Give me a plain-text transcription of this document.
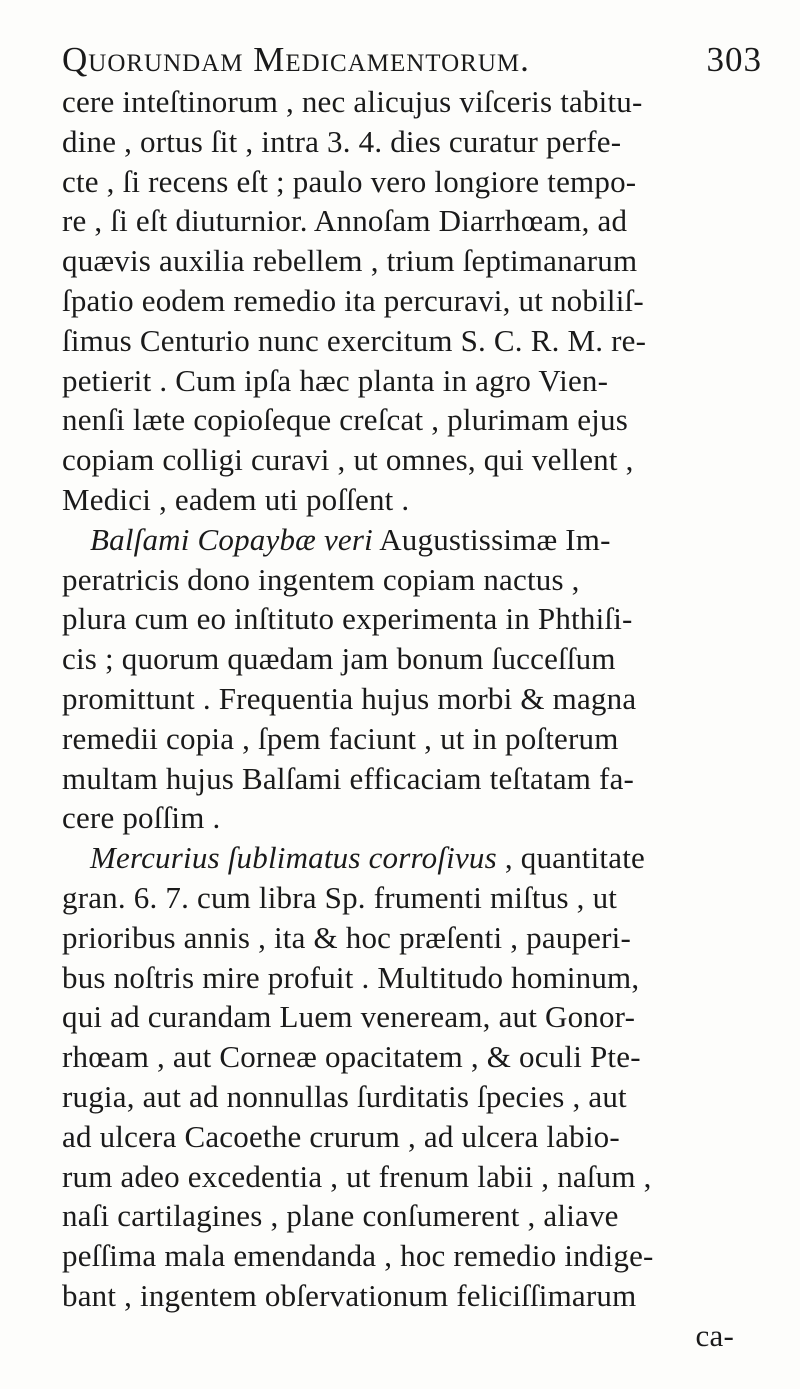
Quorundam Medicamentorum.	303
cere inteſtinorum , nec alicujus viſceris tabitu-
dine , ortus ſit , intra 3. 4. dies curatur perfe-
cte , ſi recens eſt ; paulo vero longiore tempo-
re , ſi eſt diuturnior. Annoſam Diarrhœam, ad
quævis auxilia rebellem , trium ſeptimanarum
ſpatio eodem remedio ita percuravi, ut nobiliſ-
ſimus Centurio nunc exercitum S. C. R. M. re-
petierit . Cum ipſa hæc planta in agro Vien-
nenſi læte copioſeque creſcat , plurimam ejus
copiam colligi curavi , ut omnes, qui vellent ,
Medici , eadem uti poſſent .
Balſami Copaybæ veri Augustissimæ Im-
peratricis dono ingentem copiam nactus ,
plura cum eo inſtituto experimenta in Phthiſi-
cis ; quorum quædam jam bonum ſucceſſum
promittunt . Frequentia hujus morbi & magna
remedii copia , ſpem faciunt , ut in poſterum
multam hujus Balſami efficaciam teſtatam fa-
cere poſſim .
Mercurius ſublimatus corroſivus , quantitate
gran. 6. 7. cum libra Sp. frumenti miſtus , ut
prioribus annis , ita & hoc præſenti , pauperi-
bus noſtris mire profuit . Multitudo hominum,
qui ad curandam Luem veneream, aut Gonor-
rhœam , aut Corneæ opacitatem , & oculi Pte-
rugia, aut ad nonnullas ſurditatis ſpecies , aut
ad ulcera Cacoethe crurum , ad ulcera labio-
rum adeo excedentia , ut frenum labii , naſum ,
naſi cartilagines , plane conſumerent , aliave
peſſima mala emendanda , hoc remedio indige-
bant , ingentem obſervationum feliciſſimarum
ca-
